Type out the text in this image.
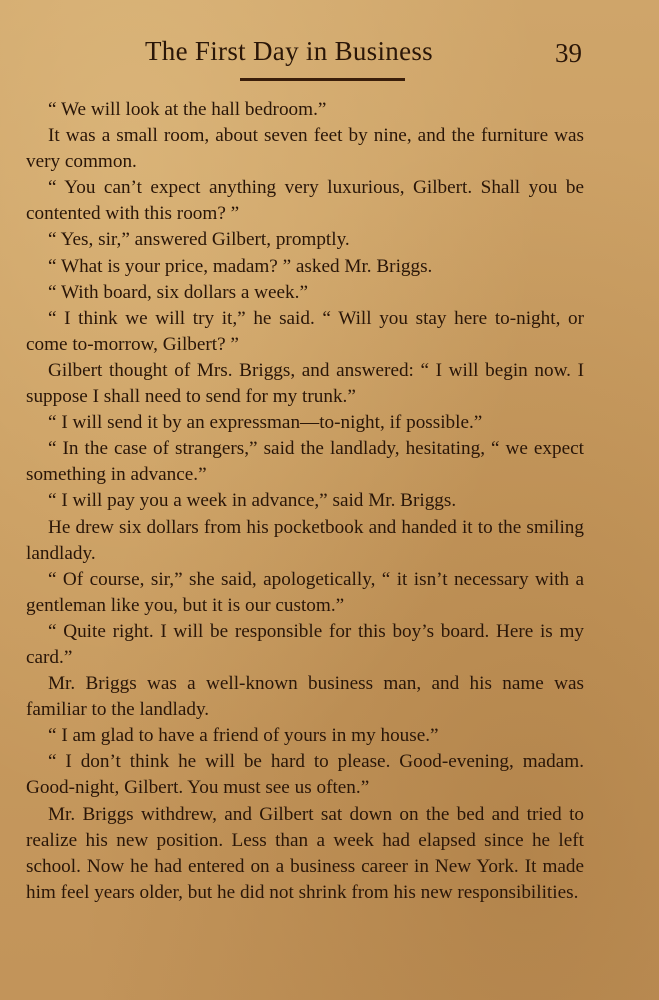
The First Day in Business	39

“ We will look at the hall bedroom.”

It was a small room, about seven feet by nine, and the furniture was very common.

“ You can’t expect anything very luxurious, Gilbert. Shall you be contented with this room? ”

“ Yes, sir,” answered Gilbert, promptly.

“ What is your price, madam? ” asked Mr. Briggs.

“ With board, six dollars a week.”

“ I think we will try it,” he said. “ Will you stay here to-night, or come to-morrow, Gilbert? ”

Gilbert thought of Mrs. Briggs, and answered: “ I will begin now. I suppose I shall need to send for my trunk.”

“ I will send it by an expressman—to-night, if possible.”

“ In the case of strangers,” said the landlady, hesitating, “ we expect something in advance.”

“ I will pay you a week in advance,” said Mr. Briggs.

He drew six dollars from his pocketbook and handed it to the smiling landlady.

“ Of course, sir,” she said, apologetically, “ it isn’t necessary with a gentleman like you, but it is our custom.”

“ Quite right. I will be responsible for this boy’s board. Here is my card.”

Mr. Briggs was a well-known business man, and his name was familiar to the landlady.

“ I am glad to have a friend of yours in my house.”

“ I don’t think he will be hard to please. Good-evening, madam. Good-night, Gilbert. You must see us often.”

Mr. Briggs withdrew, and Gilbert sat down on the bed and tried to realize his new position. Less than a week had elapsed since he left school. Now he had entered on a business career in New York. It made him feel years older, but he did not shrink from his new responsibilities.
